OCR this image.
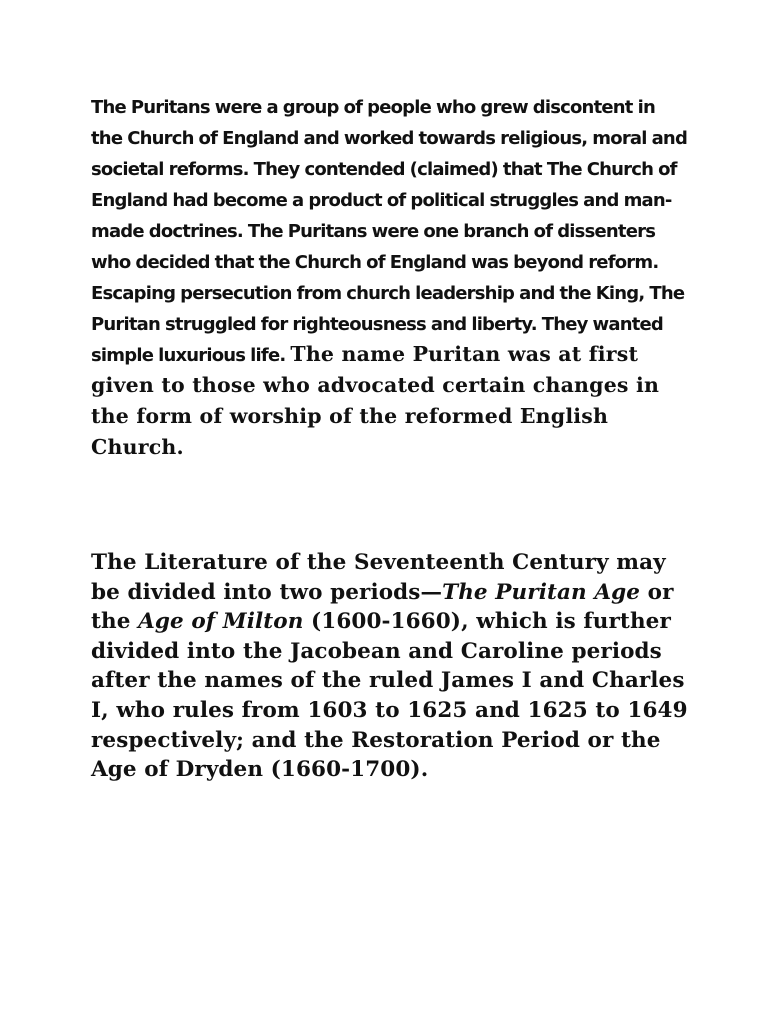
The Puritans were a group of people who grew discontent in the Church of England and worked towards religious, moral and societal reforms. They contended (claimed) that The Church of England had become a product of political struggles and man-made doctrines. The Puritans were one branch of dissenters who decided that the Church of England was beyond reform. Escaping persecution from church leadership and the King, The Puritan struggled for righteousness and liberty. They wanted simple luxurious life. The name Puritan was at first given to those who advocated certain changes in the form of worship of the reformed English Church.

The Literature of the Seventeenth Century may be divided into two periods—The Puritan Age or the Age of Milton (1600-1660), which is further divided into the Jacobean and Caroline periods after the names of the ruled James I and Charles I, who rules from 1603 to 1625 and 1625 to 1649 respectively; and the Restoration Period or the Age of Dryden (1660-1700).
